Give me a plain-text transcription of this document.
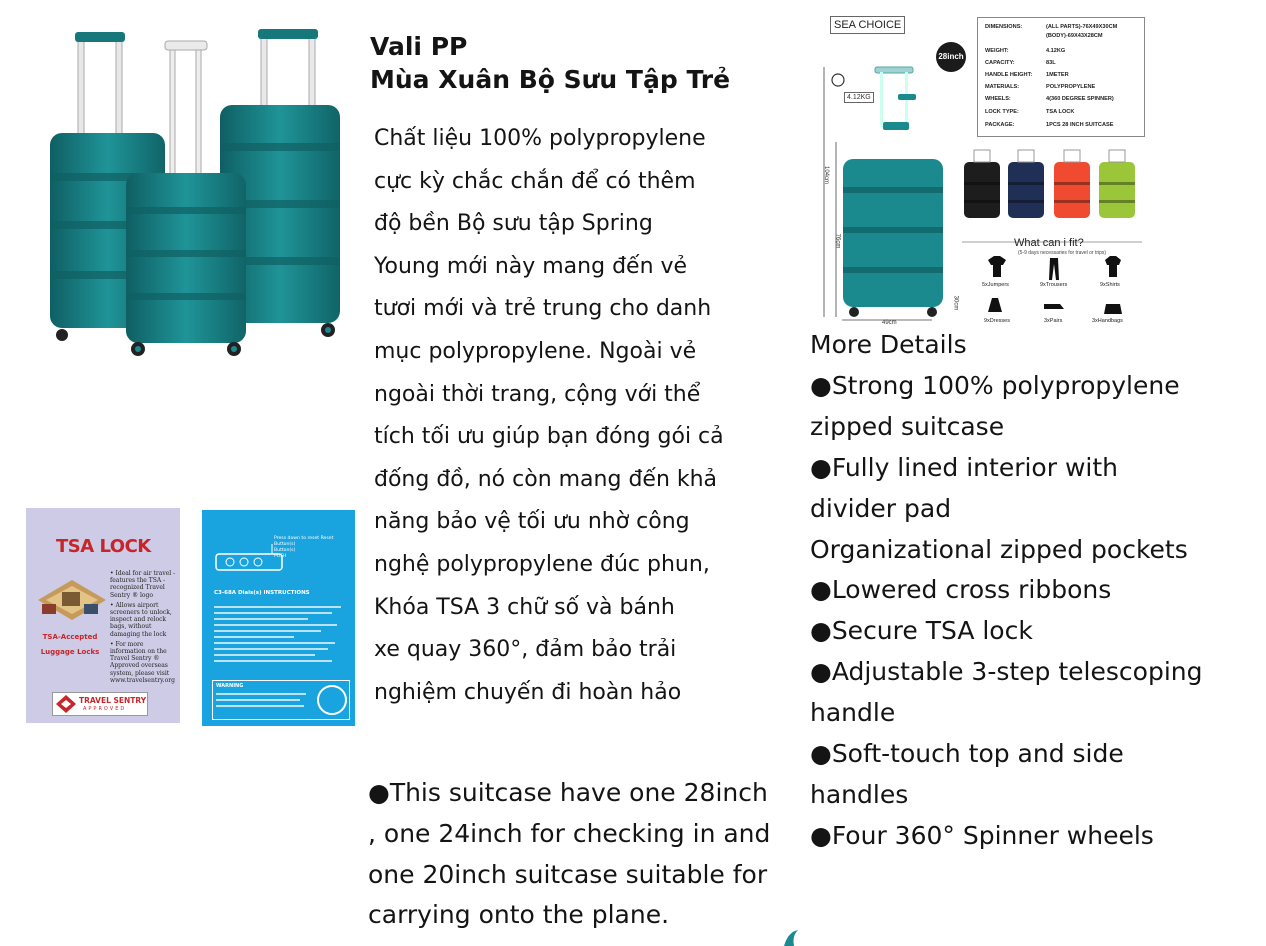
Vali PP
Mùa Xuân Bộ Sưu Tập Trẻ
Chất liệu 100% polypropylene
cực kỳ chắc chắn để có thêm
độ bền Bộ sưu tập Spring
Young mới này mang đến vẻ
tươi mới và trẻ trung cho danh
mục polypropylene. Ngoài vẻ
ngoài thời trang, cộng với thể
tích tối ưu giúp bạn đóng gói cả
đống đồ, nó còn mang đến khả
năng bảo vệ tối ưu nhờ công
nghệ polypropylene đúc phun,
Khóa TSA 3 chữ số và bánh
xe quay 360°, đảm bảo trải
nghiệm chuyến đi hoàn hảo
●This suitcase have one 28inch
, one 24inch for checking in and
one 20inch suitcase suitable for
carrying onto the plane.
More Details
●Strong 100% polypropylene
zipped suitcase
●Fully lined interior with
divider pad
Organizational zipped pockets
●Lowered cross ribbons
●Secure TSA lock
●Adjustable 3-step telescoping
handle
●Soft-touch top and side
handles
●Four 360° Spinner wheels
TSA LOCK
• Ideal for air travel - features the TSA - recognized Travel Sentry ® logo
• Allows airport screeners to unlock, inspect and relock bags, without damaging the lock
• For more information on the Travel Sentry ® Approved overseas system, please visit www.travelsentry.org
TSA-Accepted
Luggage Locks
TRAVEL SENTRY
APPROVED
Press down to reset Reset Button(s)
Button(s)
PUSH
C3-68A Dials(s) INSTRUCTIONS
WARNING
SEA CHOICE
28inch
4.12KG
DIMENSIONS:	(ALL PARTS)-76X49X30CM
(BODY)-69X43X28CM
WEIGHT:	4.12KG
CAPACITY:	83L
HANDLE HEIGHT: 1METER
MATERIALS:	POLYPROPYLENE
WHEELS:	4(360 DEGREE SPINNER)
LOCK TYPE:	TSA LOCK
PACKAGE:	1PCS 28 INCH SUITCASE
What can i fit?
(5-9 days necessaries for travel or trips)
5xJumpers	9xTrousers	9xShirts
9xDresses	3xPairs	3xHandbags
104cm
76cm
49cm
30cm
